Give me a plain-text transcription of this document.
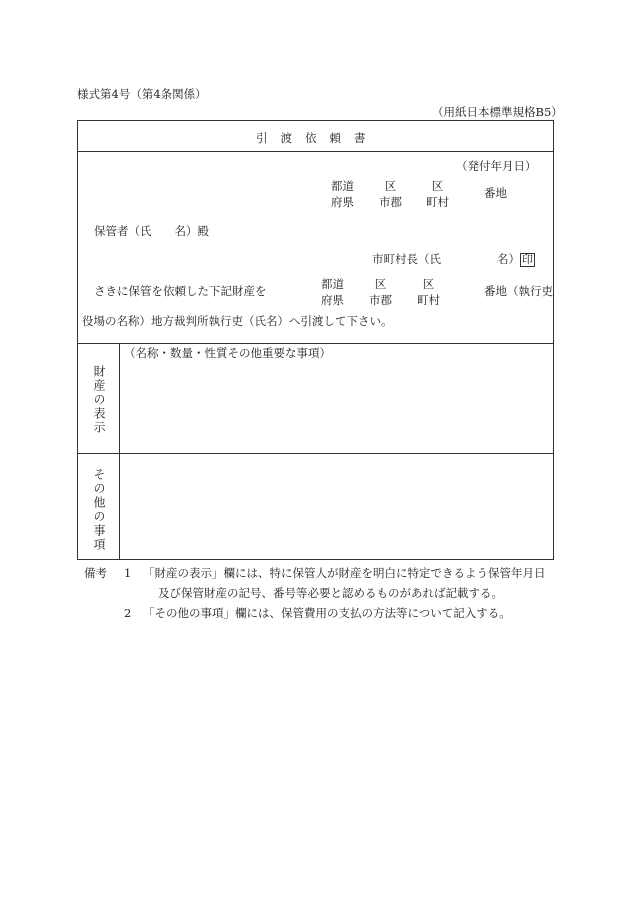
様式第4号（第4条関係）
（用紙日本標準規格B5）
引渡依頼書
（発付年月日）
都道
府県
区
市郡
区
町村
番地
保管者（氏　　名）殿
市町村長（氏	名） 印
さきに保管を依頼した下記財産を	都道
府県
区
市郡
区
町村
番地（執行吏
役場の名称）地方裁判所執行吏（氏名）へ引渡して下さい。
財産の表示
（名称・数量・性質その他重要な事項）
その他の事項
備考 1 「財産の表示」欄には、特に保管人が財産を明白に特定できるよう保管年月日
及び保管財産の記号、番号等必要と認めるものがあれば記載する。
2 「その他の事項」欄には、保管費用の支払の方法等について記入する。
